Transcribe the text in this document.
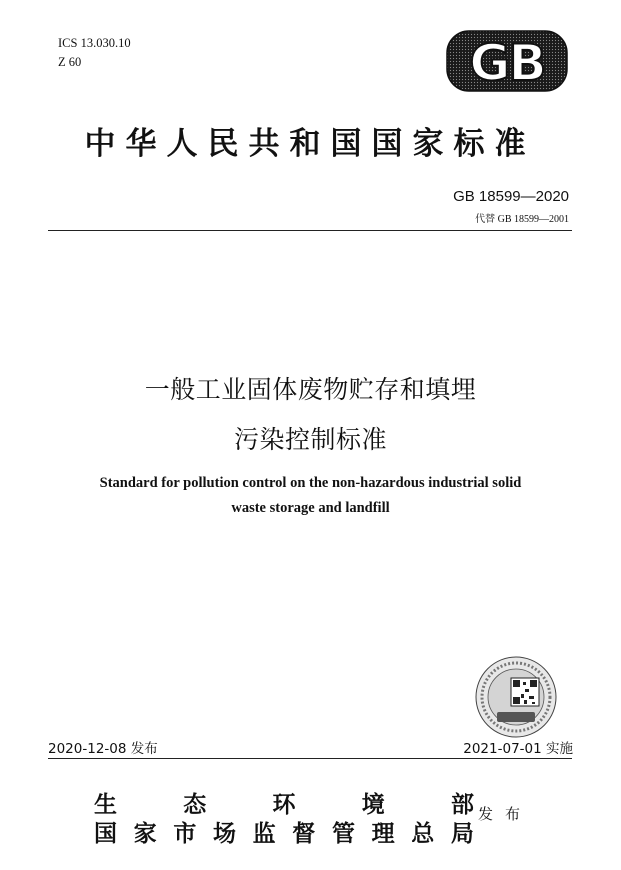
ICS 13.030.10
Z 60	GB
中华人民共和国国家标准
GB 18599—2020
代替 GB 18599—2001
一般工业固体废物贮存和填埋
污染控制标准
Standard for pollution control on the non-hazardous industrial solid
waste storage and landfill
2020-12-08 发布	2021-07-01 实施
生	态	环	境	部
国 家 市 场 监 督 管 理 总 局
发布
